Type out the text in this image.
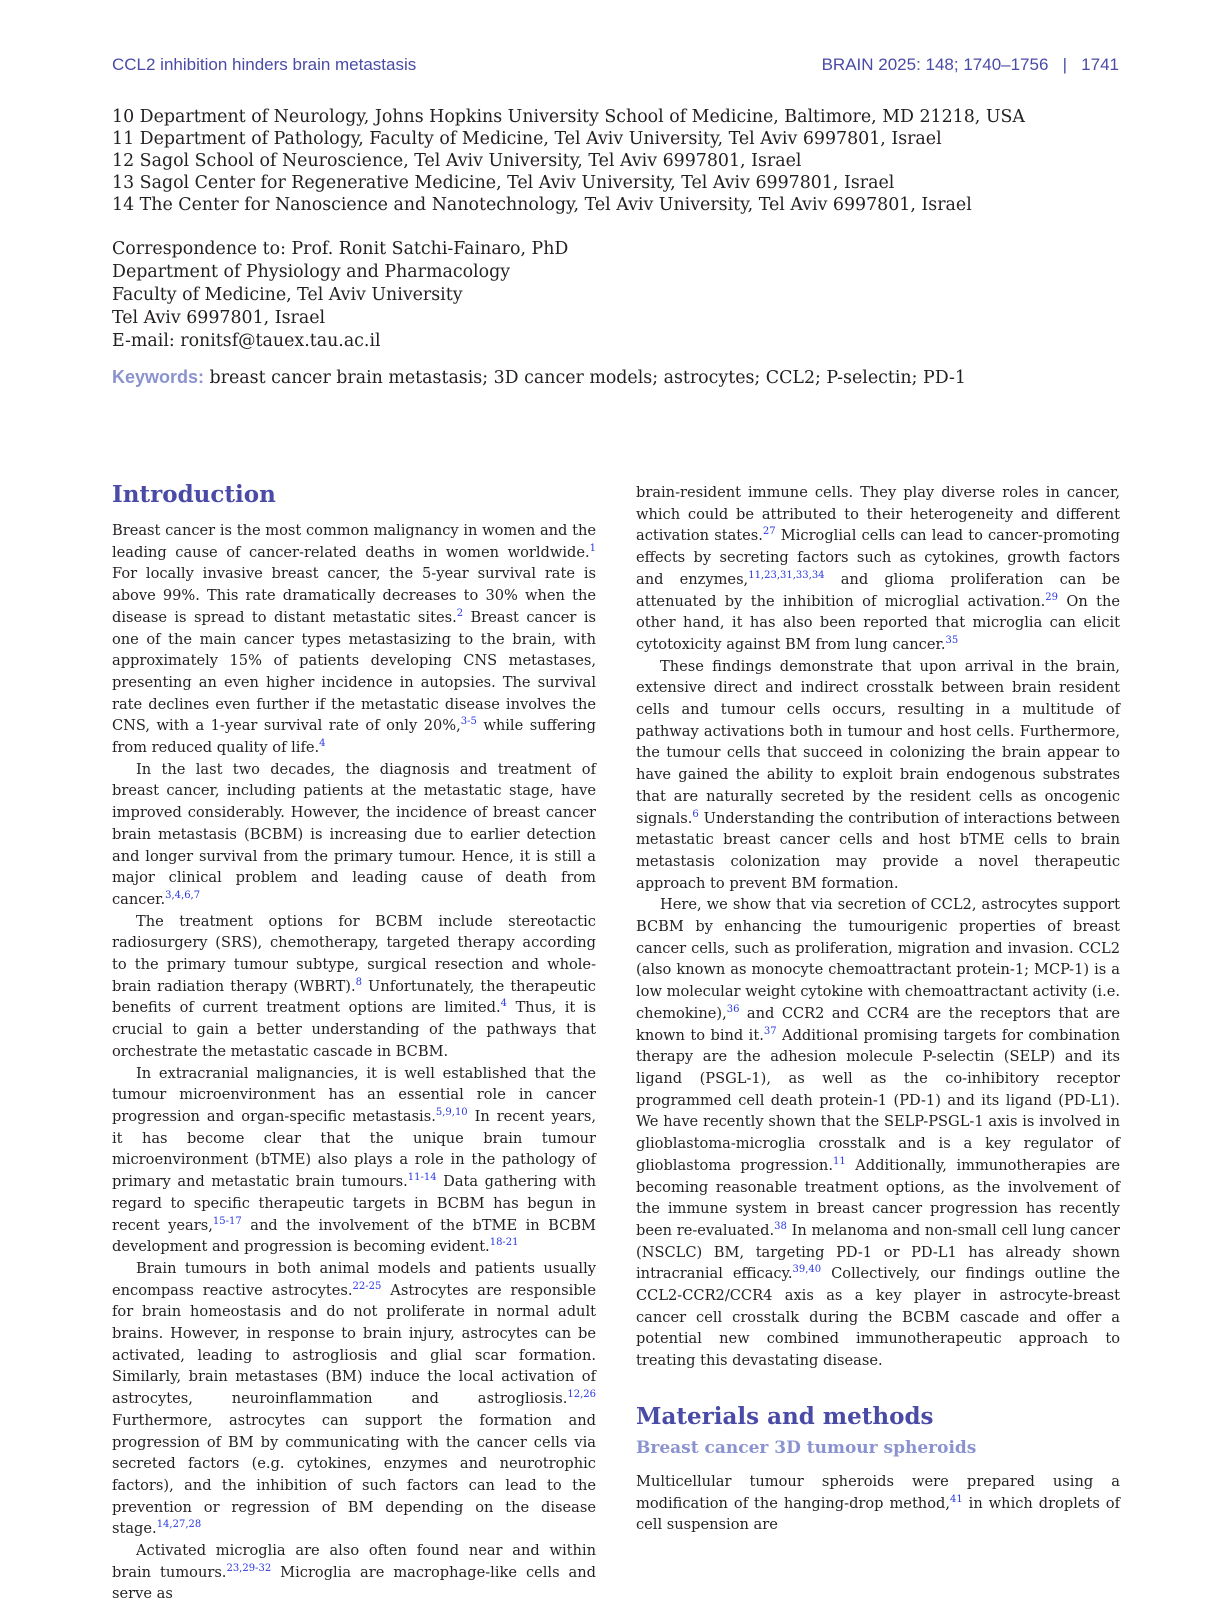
CCL2 inhibition hinders brain metastasis	BRAIN 2025: 148; 1740–1756   |   1741
10 Department of Neurology, Johns Hopkins University School of Medicine, Baltimore, MD 21218, USA
11 Department of Pathology, Faculty of Medicine, Tel Aviv University, Tel Aviv 6997801, Israel
12 Sagol School of Neuroscience, Tel Aviv University, Tel Aviv 6997801, Israel
13 Sagol Center for Regenerative Medicine, Tel Aviv University, Tel Aviv 6997801, Israel
14 The Center for Nanoscience and Nanotechnology, Tel Aviv University, Tel Aviv 6997801, Israel
Correspondence to: Prof. Ronit Satchi-Fainaro, PhD
Department of Physiology and Pharmacology
Faculty of Medicine, Tel Aviv University
Tel Aviv 6997801, Israel
E-mail: ronitsf@tauex.tau.ac.il
Keywords: breast cancer brain metastasis; 3D cancer models; astrocytes; CCL2; P-selectin; PD-1
Introduction

Breast cancer is the most common malignancy in women and the leading cause of cancer-related deaths in women worldwide.$^1$ For locally invasive breast cancer, the 5-year survival rate is above 99%. This rate dramatically decreases to 30% when the disease is spread to distant metastatic sites.$^2$ Breast cancer is one of the main cancer types metastasizing to the brain, with approximately 15% of patients developing CNS metastases, presenting an even higher incidence in autopsies. The survival rate declines even further if the metastatic disease involves the CNS, with a 1-year survival rate of only 20%,$^{3-5}$ while suffering from reduced quality of life.$^4$

In the last two decades, the diagnosis and treatment of breast cancer, including patients at the metastatic stage, have improved considerably. However, the incidence of breast cancer brain metastasis (BCBM) is increasing due to earlier detection and longer survival from the primary tumour. Hence, it is still a major clinical problem and leading cause of death from cancer.$^{3,4,6,7}$

The treatment options for BCBM include stereotactic radiosurgery (SRS), chemotherapy, targeted therapy according to the primary tumour subtype, surgical resection and whole-brain radiation therapy (WBRT).$^8$ Unfortunately, the therapeutic benefits of current treatment options are limited.$^4$ Thus, it is crucial to gain a better understanding of the pathways that orchestrate the metastatic cascade in BCBM.

In extracranial malignancies, it is well established that the tumour microenvironment has an essential role in cancer progression and organ-specific metastasis.$^{5,9,10}$ In recent years, it has become clear that the unique brain tumour microenvironment (bTME) also plays a role in the pathology of primary and metastatic brain tumours.$^{11-14}$ Data gathering with regard to specific therapeutic targets in BCBM has begun in recent years,$^{15-17}$ and the involvement of the bTME in BCBM development and progression is becoming evident.$^{18-21}$

Brain tumours in both animal models and patients usually encompass reactive astrocytes.$^{22-25}$ Astrocytes are responsible for brain homeostasis and do not proliferate in normal adult brains. However, in response to brain injury, astrocytes can be activated, leading to astrogliosis and glial scar formation. Similarly, brain metastases (BM) induce the local activation of astrocytes, neuroinflammation and astrogliosis.$^{12,26}$ Furthermore, astrocytes can support the formation and progression of BM by communicating with the cancer cells via secreted factors (e.g. cytokines, enzymes and neurotrophic factors), and the inhibition of such factors can lead to the prevention or regression of BM depending on the disease stage.$^{14,27,28}$

Activated microglia are also often found near and within brain tumours.$^{23,29-32}$ Microglia are macrophage-like cells and serve as

brain-resident immune cells. They play diverse roles in cancer, which could be attributed to their heterogeneity and different activation states.$^{27}$ Microglial cells can lead to cancer-promoting effects by secreting factors such as cytokines, growth factors and enzymes,$^{11,23,31,33,34}$ and glioma proliferation can be attenuated by the inhibition of microglial activation.$^{29}$ On the other hand, it has also been reported that microglia can elicit cytotoxicity against BM from lung cancer.$^{35}$

These findings demonstrate that upon arrival in the brain, extensive direct and indirect crosstalk between brain resident cells and tumour cells occurs, resulting in a multitude of pathway activations both in tumour and host cells. Furthermore, the tumour cells that succeed in colonizing the brain appear to have gained the ability to exploit brain endogenous substrates that are naturally secreted by the resident cells as oncogenic signals.$^6$ Understanding the contribution of interactions between metastatic breast cancer cells and host bTME cells to brain metastasis colonization may provide a novel therapeutic approach to prevent BM formation.

Here, we show that via secretion of CCL2, astrocytes support BCBM by enhancing the tumourigenic properties of breast cancer cells, such as proliferation, migration and invasion. CCL2 (also known as monocyte chemoattractant protein-1; MCP-1) is a low molecular weight cytokine with chemoattractant activity (i.e. chemokine),$^{36}$ and CCR2 and CCR4 are the receptors that are known to bind it.$^{37}$ Additional promising targets for combination therapy are the adhesion molecule P-selectin (SELP) and its ligand (PSGL-1), as well as the co-inhibitory receptor programmed cell death protein-1 (PD-1) and its ligand (PD-L1). We have recently shown that the SELP-PSGL-1 axis is involved in glioblastoma-microglia crosstalk and is a key regulator of glioblastoma progression.$^{11}$ Additionally, immunotherapies are becoming reasonable treatment options, as the involvement of the immune system in breast cancer progression has recently been re-evaluated.$^{38}$ In melanoma and non-small cell lung cancer (NSCLC) BM, targeting PD-1 or PD-L1 has already shown intracranial efficacy.$^{39,40}$ Collectively, our findings outline the CCL2-CCR2/CCR4 axis as a key player in astrocyte-breast cancer cell crosstalk during the BCBM cascade and offer a potential new combined immunotherapeutic approach to treating this devastating disease.

Materials and methods
Breast cancer 3D tumour spheroids

Multicellular tumour spheroids were prepared using a modification of the hanging-drop method,$^{41}$ in which droplets of cell suspension are
